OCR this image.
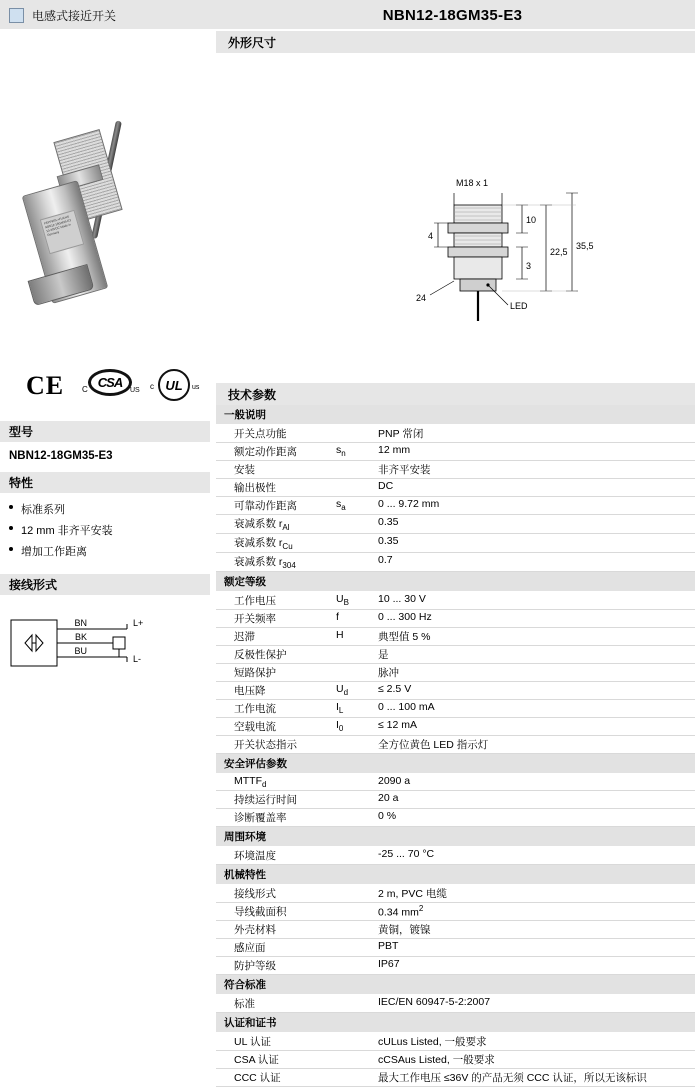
电感式接近开关	NBN12-18GM35-E3
PEPPERL+FUCHS NBN12-18GM35-E3 10-30VDC Made in Germany
CE	CSA
C	US	UL
c	us
型号
NBN12-18GM35-E3
特性
标准系列
12 mm 非齐平安装
增加工作距离
接线形式
BN
BK
BU
L+
L-
外形尺寸
M18 x 1
LED
4
24
10
3
22,5
35,5
技术参数
一般说明		
开关点功能		PNP 常闭
额定动作距离	$s_n$	12 mm
安装		非齐平安装
输出极性		DC
可靠动作距离	$s_a$	0 ... 9.72 mm
衰减系数 $r_{Al}$		0.35
衰减系数 $r_{Cu}$		0.35
衰减系数 $r_{304}$		0.7
额定等级		
工作电压	$U_B$	10 ... 30 V
开关频率	f	0 ... 300 Hz
迟滞	H	典型值 5 %
反极性保护		是
短路保护		脉冲
电压降	$U_d$	≤ 2.5 V
工作电流	$I_L$	0 ... 100 mA
空载电流	$I_0$	≤ 12 mA
开关状态指示		全方位黄色 LED 指示灯
安全评估参数		
$MTTF_d$		2090 a
持续运行时间		20 a
诊断覆盖率		0 %
周围环境		
环境温度		-25 ... 70 °C
机械特性		
接线形式		2 m, PVC 电缆
导线截面积		0.34 $mm^2$
外壳材料		黄铜，镀镍
感应面		PBT
防护等级		IP67
符合标准		
标准		IEC/EN 60947-5-2:2007
认证和证书		
UL 认证		cULus Listed, 一般要求
CSA 认证		cCSAus Listed, 一般要求
CCC 认证		最大工作电压 ≤36V 的产品无须 CCC 认证，所以无该标识
